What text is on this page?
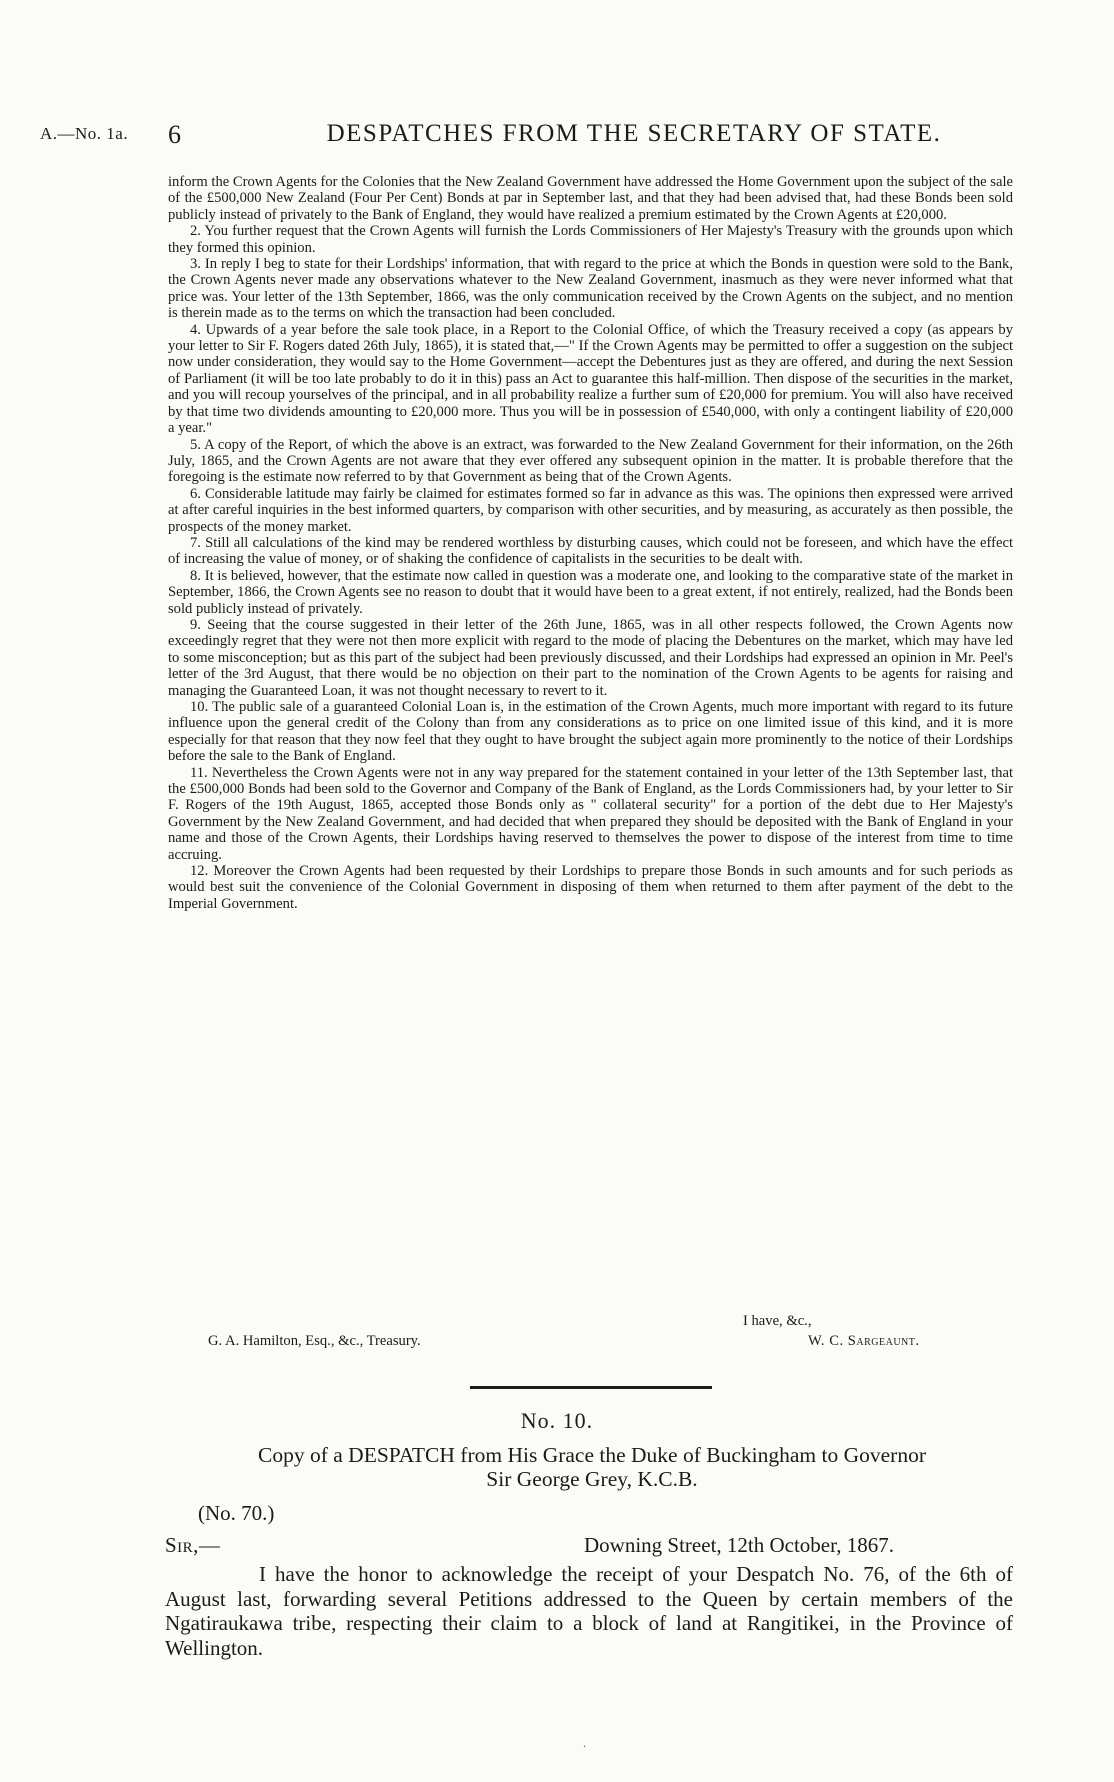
A.—No. 1a. 6	DESPATCHES FROM THE SECRETARY OF STATE.

inform the Crown Agents for the Colonies that the New Zealand Government have addressed the Home Government upon the subject of the sale of the £500,000 New Zealand (Four Per Cent) Bonds at par in September last, and that they had been advised that, had these Bonds been sold publicly instead of privately to the Bank of England, they would have realized a premium estimated by the Crown Agents at £20,000.

2. You further request that the Crown Agents will furnish the Lords Commissioners of Her Majesty's Treasury with the grounds upon which they formed this opinion.

3. In reply I beg to state for their Lordships' information, that with regard to the price at which the Bonds in question were sold to the Bank, the Crown Agents never made any observations whatever to the New Zealand Government, inasmuch as they were never informed what that price was. Your letter of the 13th September, 1866, was the only communication received by the Crown Agents on the subject, and no mention is therein made as to the terms on which the transaction had been concluded.

4. Upwards of a year before the sale took place, in a Report to the Colonial Office, of which the Treasury received a copy (as appears by your letter to Sir F. Rogers dated 26th July, 1865), it is stated that,—" If the Crown Agents may be permitted to offer a suggestion on the subject now under consideration, they would say to the Home Government—accept the Debentures just as they are offered, and during the next Session of Parliament (it will be too late probably to do it in this) pass an Act to guarantee this half-million. Then dispose of the securities in the market, and you will recoup yourselves of the principal, and in all probability realize a further sum of £20,000 for premium. You will also have received by that time two dividends amounting to £20,000 more. Thus you will be in possession of £540,000, with only a contingent liability of £20,000 a year."

5. A copy of the Report, of which the above is an extract, was forwarded to the New Zealand Government for their information, on the 26th July, 1865, and the Crown Agents are not aware that they ever offered any subsequent opinion in the matter. It is probable therefore that the foregoing is the estimate now referred to by that Government as being that of the Crown Agents.

6. Considerable latitude may fairly be claimed for estimates formed so far in advance as this was. The opinions then expressed were arrived at after careful inquiries in the best informed quarters, by comparison with other securities, and by measuring, as accurately as then possible, the prospects of the money market.

7. Still all calculations of the kind may be rendered worthless by disturbing causes, which could not be foreseen, and which have the effect of increasing the value of money, or of shaking the confidence of capitalists in the securities to be dealt with.

8. It is believed, however, that the estimate now called in question was a moderate one, and looking to the comparative state of the market in September, 1866, the Crown Agents see no reason to doubt that it would have been to a great extent, if not entirely, realized, had the Bonds been sold publicly instead of privately.

9. Seeing that the course suggested in their letter of the 26th June, 1865, was in all other respects followed, the Crown Agents now exceedingly regret that they were not then more explicit with regard to the mode of placing the Debentures on the market, which may have led to some misconception; but as this part of the subject had been previously discussed, and their Lordships had expressed an opinion in Mr. Peel's letter of the 3rd August, that there would be no objection on their part to the nomination of the Crown Agents to be agents for raising and managing the Guaranteed Loan, it was not thought necessary to revert to it.

10. The public sale of a guaranteed Colonial Loan is, in the estimation of the Crown Agents, much more important with regard to its future influence upon the general credit of the Colony than from any considerations as to price on one limited issue of this kind, and it is more especially for that reason that they now feel that they ought to have brought the subject again more prominently to the notice of their Lordships before the sale to the Bank of England.

11. Nevertheless the Crown Agents were not in any way prepared for the statement contained in your letter of the 13th September last, that the £500,000 Bonds had been sold to the Governor and Company of the Bank of England, as the Lords Commissioners had, by your letter to Sir F. Rogers of the 19th August, 1865, accepted those Bonds only as " collateral security" for a portion of the debt due to Her Majesty's Government by the New Zealand Government, and had decided that when prepared they should be deposited with the Bank of England in your name and those of the Crown Agents, their Lordships having reserved to themselves the power to dispose of the interest from time to time accruing.

12. Moreover the Crown Agents had been requested by their Lordships to prepare those Bonds in such amounts and for such periods as would best suit the convenience of the Colonial Government in disposing of them when returned to them after payment of the debt to the Imperial Government.

I have, &c.,
G. A. Hamilton, Esq., &c., Treasury.	W. C. Sargeaunt.
No. 10.
Copy of a DESPATCH from His Grace the Duke of Buckingham to Governor
Sir George Grey, K.C.B.
(No. 70.)
Sir,—	Downing Street, 12th October, 1867.

I have the honor to acknowledge the receipt of your Despatch No. 76, of the 6th of August last, forwarding several Petitions addressed to the Queen by certain members of the Ngatiraukawa tribe, respecting their claim to a block of land at Rangitikei, in the Province of Wellington.

.
